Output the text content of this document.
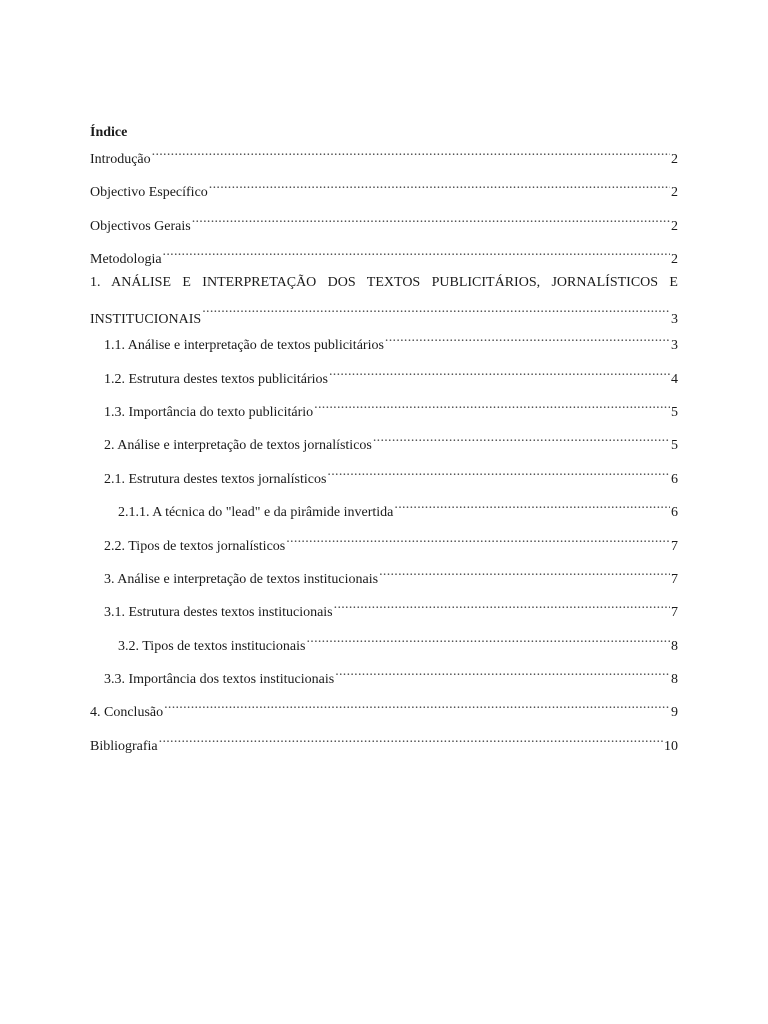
Índice
Introdução .....	2
Objectivo Específico .....	2
Objectivos Gerais .....	2
Metodologia .....	2
1. ANÁLISE E INTERPRETAÇÃO DOS TEXTOS PUBLICITÁRIOS, JORNALÍSTICOS E
INSTITUCIONAIS .....	3
1.1. Análise e interpretação de textos publicitários .....	3
1.2. Estrutura destes textos publicitários .....	4
1.3. Importância do texto publicitário .....	5
2. Análise e interpretação de textos jornalísticos .....	5
2.1. Estrutura destes textos jornalísticos .....	6
2.1.1. A técnica do "lead" e da pirâmide invertida .....	6
2.2. Tipos de textos jornalísticos .....	7
3. Análise e interpretação de textos institucionais .....	7
3.1. Estrutura destes textos institucionais .....	7
3.2. Tipos de textos institucionais .....	8
3.3. Importância dos textos institucionais .....	8
4. Conclusão .....	9
Bibliografia .....	10
